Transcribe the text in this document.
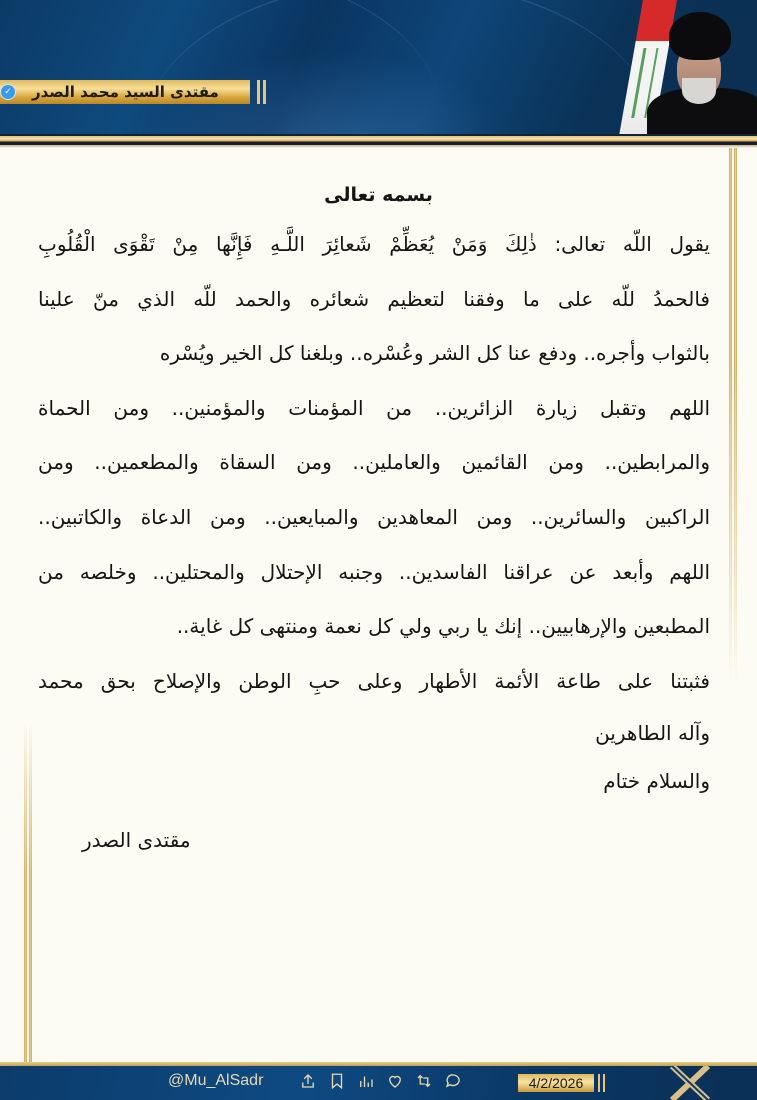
مقتدى السيد محمد الصدر
✓
بسمه تعالى
يقول اللّه تعالى: ذٰلِكَ وَمَنْ يُعَظِّمْ شَعائِرَ اللَّـهِ فَإِنَّها مِنْ تَقْوَى الْقُلُوبِ
فالحمدُ للّه على ما وفقنا لتعظيم شعائره والحمد للّه الذي منّ علينا
بالثواب وأجره.. ودفع عنا كل الشر وعُسْره.. وبلغنا كل الخير ويُسْره
اللهم وتقبل زيارة الزائرين.. من المؤمنات والمؤمنين.. ومن الحماة
والمرابطين.. ومن القائمين والعاملين.. ومن السقاة والمطعمين.. ومن
الراكبين والسائرين.. ومن المعاهدين والمبايعين.. ومن الدعاة والكاتبين..
اللهم وأبعد عن عراقنا الفاسدين.. وجنبه الإحتلال والمحتلين.. وخلصه من
المطبعين والإرهابيين.. إنك يا ربي ولي كل نعمة ومنتهى كل غاية..
فثبتنا على طاعة الأئمة الأطهار وعلى حبِ الوطن والإصلاح بحق محمد
وآله الطاهرين
والسلام ختام
مقتدى الصدر
@Mu_AlSadr	4/2/2026
